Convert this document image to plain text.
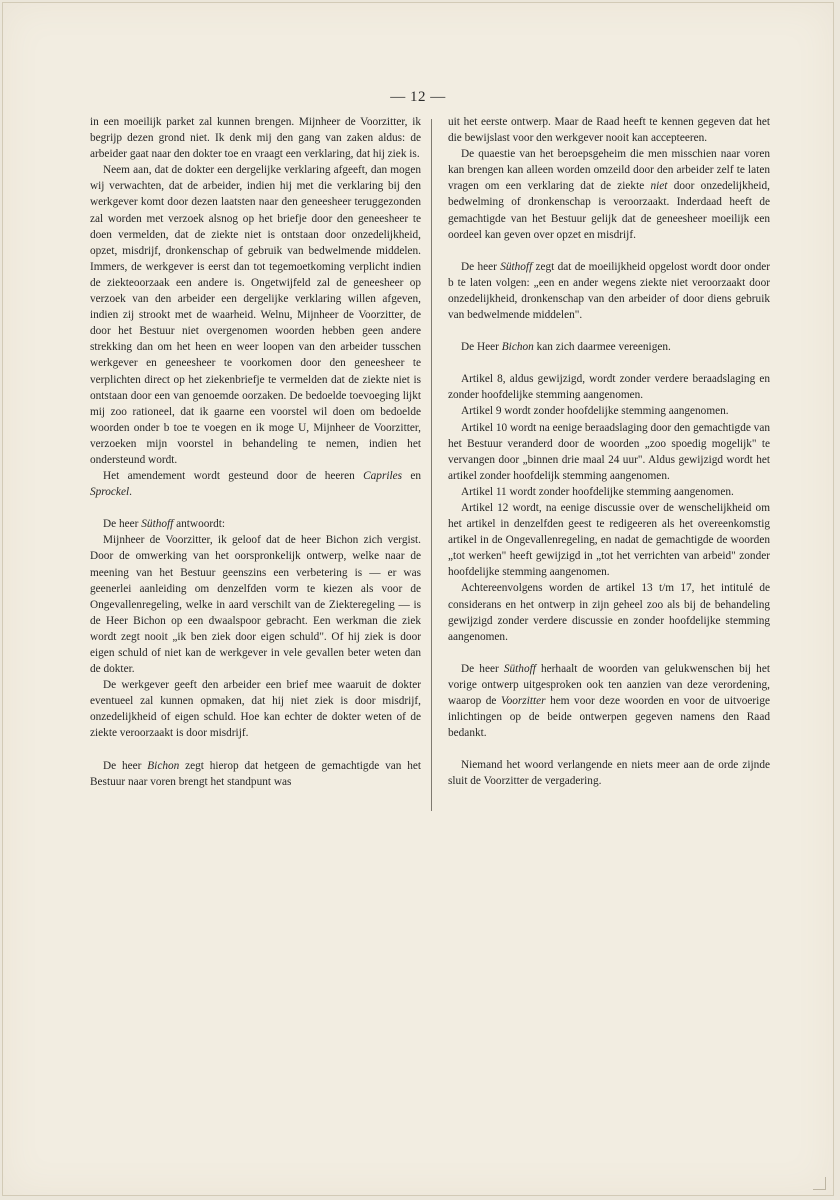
— 12 —

in een moeilijk parket zal kunnen brengen. Mijnheer de Voorzitter, ik begrijp dezen grond niet. Ik denk mij den gang van zaken aldus: de arbeider gaat naar den dokter toe en vraagt een verklaring, dat hij ziek is.

Neem aan, dat de dokter een dergelijke verklaring afgeeft, dan mogen wij verwachten, dat de arbeider, indien hij met die verklaring bij den werkgever komt door dezen laatsten naar den geneesheer teruggezonden zal worden met verzoek alsnog op het briefje door den geneesheer te doen vermelden, dat de ziekte niet is ontstaan door onzedelijkheid, opzet, misdrijf, dronkenschap of gebruik van bedwelmende middelen. Immers, de werkgever is eerst dan tot tegemoetkoming verplicht indien de ziekteoorzaak een andere is. Ongetwijfeld zal de geneesheer op verzoek van den arbeider een dergelijke verklaring willen afgeven, indien zij strookt met de waarheid. Welnu, Mijnheer de Voorzitter, de door het Bestuur niet overgenomen woorden hebben geen andere strekking dan om het heen en weer loopen van den arbeider tusschen werkgever en geneesheer te voorkomen door den geneesheer te verplichten direct op het ziekenbriefje te vermelden dat de ziekte niet is ontstaan door een van genoemde oorzaken. De bedoelde toevoeging lijkt mij zoo rationeel, dat ik gaarne een voorstel wil doen om bedoelde woorden onder b toe te voegen en ik moge U, Mijnheer de Voorzitter, verzoeken mijn voorstel in behandeling te nemen, indien het ondersteund wordt.

Het amendement wordt gesteund door de heeren Capriles en Sprockel.

De heer Süthoff antwoordt:

Mijnheer de Voorzitter, ik geloof dat de heer Bichon zich vergist. Door de omwerking van het oorspronkelijk ontwerp, welke naar de meening van het Bestuur geenszins een verbetering is — er was geenerlei aanleiding om denzelfden vorm te kiezen als voor de Ongevallenregeling, welke in aard verschilt van de Ziekteregeling — is de Heer Bichon op een dwaalspoor gebracht. Een werkman die ziek wordt zegt nooit „ik ben ziek door eigen schuld". Of hij ziek is door eigen schuld of niet kan de werkgever in vele gevallen beter weten dan de dokter.

De werkgever geeft den arbeider een brief mee waaruit de dokter eventueel zal kunnen opmaken, dat hij niet ziek is door misdrijf, onzedelijkheid of eigen schuld. Hoe kan echter de dokter weten of de ziekte veroorzaakt is door misdrijf.

De heer Bichon zegt hierop dat hetgeen de gemachtigde van het Bestuur naar voren brengt het standpunt was

uit het eerste ontwerp. Maar de Raad heeft te kennen gegeven dat het die bewijslast voor den werkgever nooit kan accepteeren.

De quaestie van het beroepsgeheim die men misschien naar voren kan brengen kan alleen worden omzeild door den arbeider zelf te laten vragen om een verklaring dat de ziekte niet door onzedelijkheid, bedwelming of dronkenschap is veroorzaakt. Inderdaad heeft de gemachtigde van het Bestuur gelijk dat de geneesheer moeilijk een oordeel kan geven over opzet en misdrijf.

De heer Süthoff zegt dat de moeilijkheid opgelost wordt door onder b te laten volgen: „een en ander wegens ziekte niet veroorzaakt door onzedelijkheid, dronkenschap van den arbeider of door diens gebruik van bedwelmende middelen".

De Heer Bichon kan zich daarmee vereenigen.

Artikel 8, aldus gewijzigd, wordt zonder verdere beraadslaging en zonder hoofdelijke stemming aangenomen.

Artikel 9 wordt zonder hoofdelijke stemming aangenomen.

Artikel 10 wordt na eenige beraadslaging door den gemachtigde van het Bestuur veranderd door de woorden „zoo spoedig mogelijk" te vervangen door „binnen drie maal 24 uur". Aldus gewijzigd wordt het artikel zonder hoofdelijk stemming aangenomen.

Artikel 11 wordt zonder hoofdelijke stemming aangenomen.

Artikel 12 wordt, na eenige discussie over de wenschelijkheid om het artikel in denzelfden geest te redigeeren als het overeenkomstig artikel in de Ongevallenregeling, en nadat de gemachtigde de woorden „tot werken" heeft gewijzigd in „tot het verrichten van arbeid" zonder hoofdelijke stemming aangenomen.

Achtereenvolgens worden de artikel 13 t/m 17, het intitulé de considerans en het ontwerp in zijn geheel zoo als bij de behandeling gewijzigd zonder verdere discussie en zonder hoofdelijke stemming aangenomen.

De heer Süthoff herhaalt de woorden van gelukwenschen bij het vorige ontwerp uitgesproken ook ten aanzien van deze verordening, waarop de Voorzitter hem voor deze woorden en voor de uitvoerige inlichtingen op de beide ontwerpen gegeven namens den Raad bedankt.

Niemand het woord verlangende en niets meer aan de orde zijnde sluit de Voorzitter de vergadering.
